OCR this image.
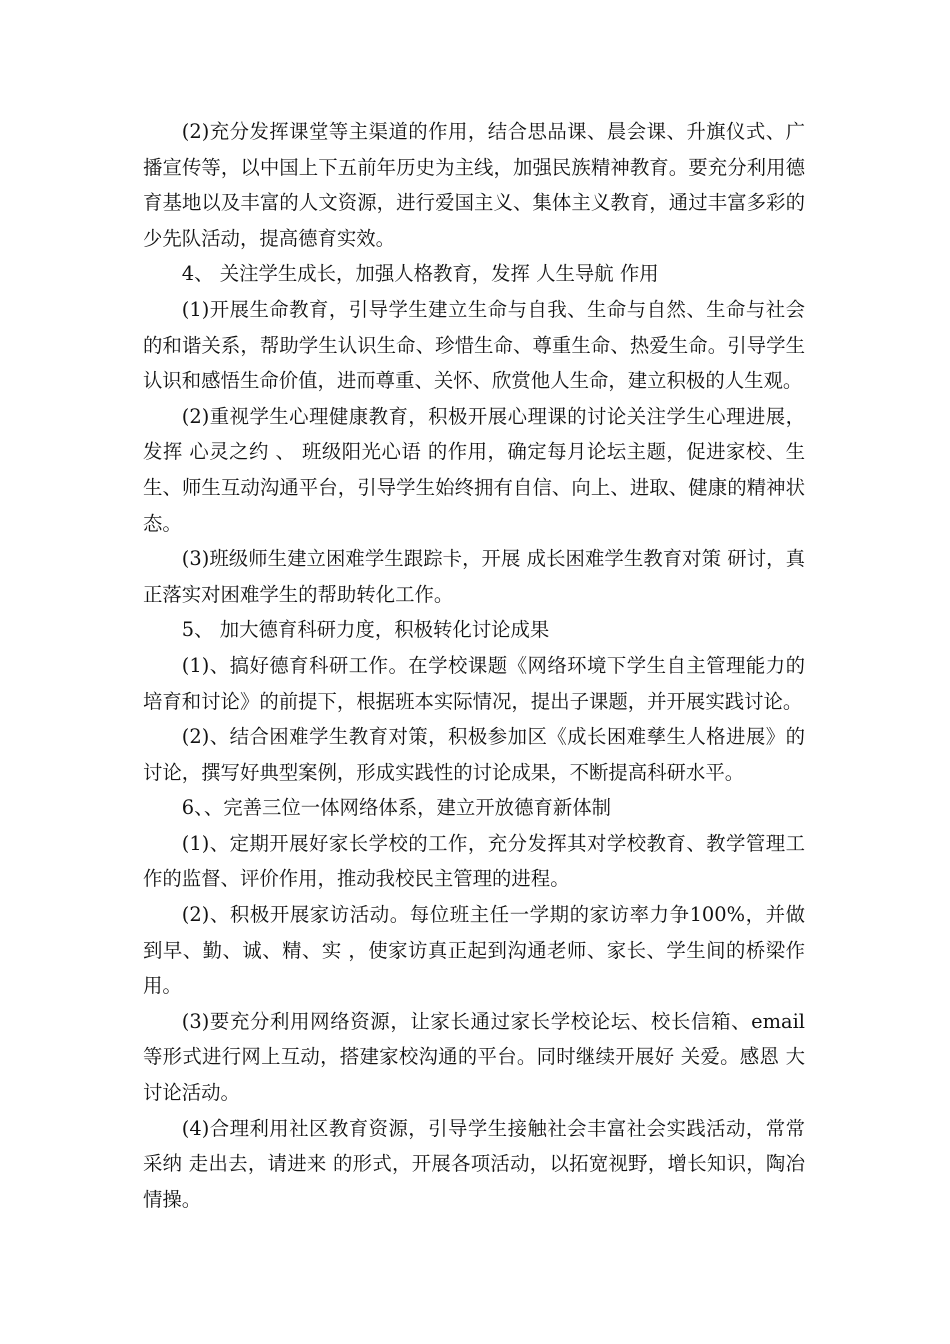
(2)充分发挥课堂等主渠道的作用，结合思品课、晨会课、升旗仪式、广播宣传等，以中国上下五前年历史为主线，加强民族精神教育。要充分利用德育基地以及丰富的人文资源，进行爱国主义、集体主义教育，通过丰富多彩的少先队活动，提高德育实效。

4、 关注学生成长，加强人格教育，发挥 人生导航 作用

(1)开展生命教育，引导学生建立生命与自我、生命与自然、生命与社会的和谐关系，帮助学生认识生命、珍惜生命、尊重生命、热爱生命。引导学生认识和感悟生命价值，进而尊重、关怀、欣赏他人生命，建立积极的人生观。

(2)重视学生心理健康教育，积极开展心理课的讨论关注学生心理进展，发挥 心灵之约 、 班级阳光心语 的作用，确定每月论坛主题，促进家校、生生、师生互动沟通平台，引导学生始终拥有自信、向上、进取、健康的精神状态。

(3)班级师生建立困难学生跟踪卡，开展 成长困难学生教育对策 研讨，真正落实对困难学生的帮助转化工作。

5、 加大德育科研力度，积极转化讨论成果

(1)、搞好德育科研工作。在学校课题《网络环境下学生自主管理能力的培育和讨论》的前提下，根据班本实际情况，提出子课题，并开展实践讨论。

(2)、结合困难学生教育对策，积极参加区《成长困难孳生人格进展》的讨论，撰写好典型案例，形成实践性的讨论成果，不断提高科研水平。

6、、完善三位一体网络体系，建立开放德育新体制

(1)、定期开展好家长学校的工作，充分发挥其对学校教育、教学管理工作的监督、评价作用，推动我校民主管理的进程。

(2)、积极开展家访活动。每位班主任一学期的家访率力争100%，并做到早、勤、诚、精、实 ，使家访真正起到沟通老师、家长、学生间的桥梁作用。

(3)要充分利用网络资源，让家长通过家长学校论坛、校长信箱、email等形式进行网上互动，搭建家校沟通的平台。同时继续开展好 关爱。感恩 大讨论活动。

(4)合理利用社区教育资源，引导学生接触社会丰富社会实践活动，常常采纳 走出去，请进来 的形式，开展各项活动，以拓宽视野，增长知识，陶冶情操。
